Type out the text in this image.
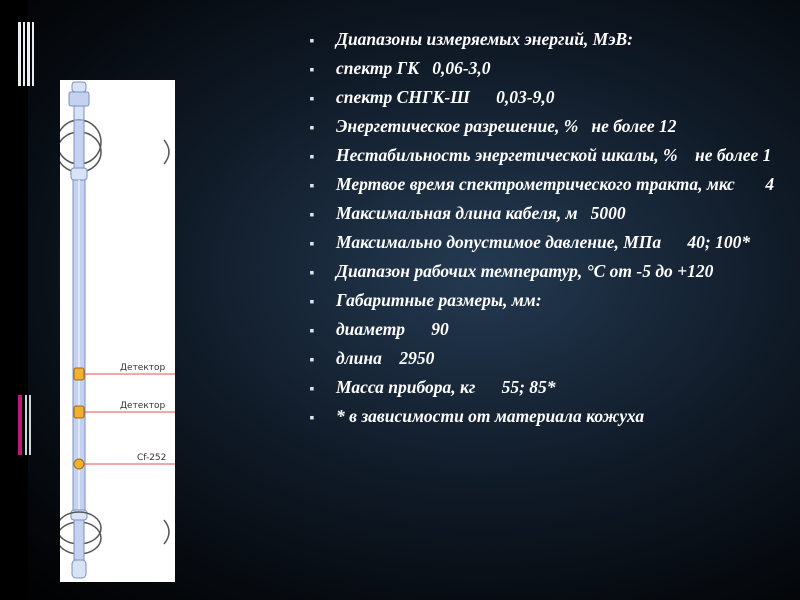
Детектор
Детектор
Cf-252
▪ Диапазоны измеряемых энергий, МэВ:
▪ спектр ГК   0,06-3,0
▪ спектр СНГК-Ш      0,03-9,0
▪ Энергетическое разрешение, %   не более 12
▪ Нестабильность энергетической шкалы, %    не более 1
▪ Мертвое время спектрометрического тракта, мкс       4
▪ Максимальная длина кабеля, м   5000
▪ Максимально допустимое давление, МПа      40; 100*
▪ Диапазон рабочих температур, °С от -5 до +120
▪ Габаритные размеры, мм:
▪ диаметр      90
▪ длина    2950
▪ Масса прибора, кг      55; 85*
▪ * в зависимости от материала кожуха
